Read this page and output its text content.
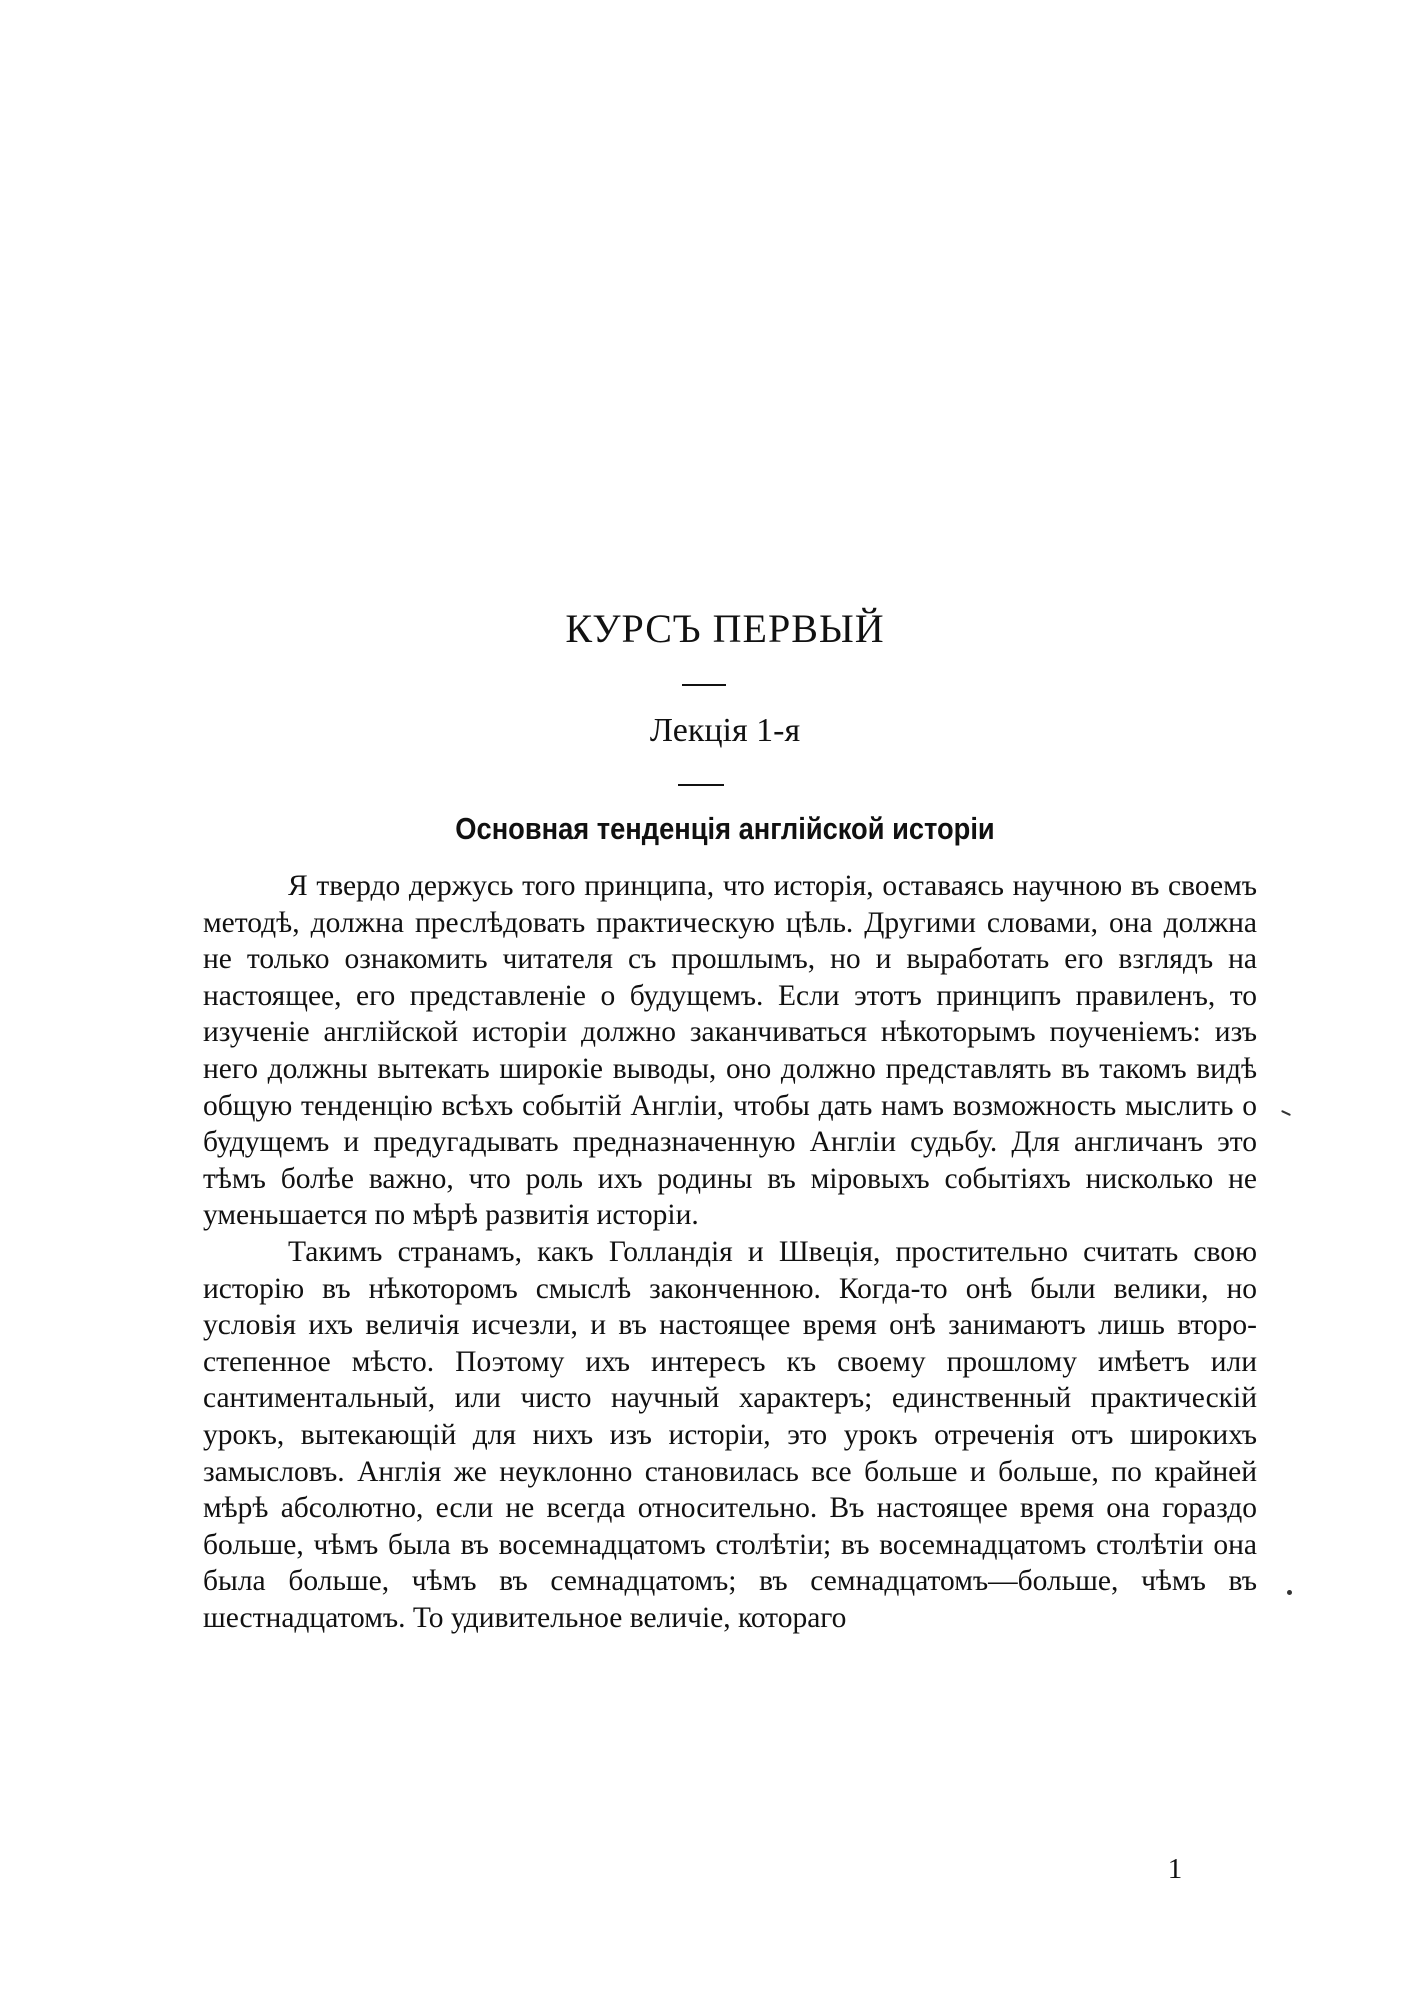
КУРСЪ ПЕРВЫЙ
Лекція 1-я
Основная тенденція англійской исторіи

Я твердо держусь того принципа, что исторія, оставаясь научною въ своемъ методѣ, должна преслѣдовать практическую цѣль. Другими словами, она должна не только ознакомить читателя съ прошлымъ, но и выработать его взглядъ на настоящее, его представленіе о будущемъ. Если этотъ принципъ правиленъ, то изученіе англійской исторіи должно заканчиваться нѣкоторымъ поученіемъ: изъ него должны вытекать широкіе выводы, оно должно представлять въ такомъ видѣ общую тенденцію всѣхъ событій Англіи, чтобы дать намъ возможность мыслить о будущемъ и предугадывать предназначенную Англіи судьбу. Для англичанъ это тѣмъ болѣе важно, что роль ихъ родины въ міровыхъ событіяхъ нисколько не уменьшается по мѣрѣ развитія исторіи.

Такимъ странамъ, какъ Голландія и Швеція, простительно считать свою исторію въ нѣкоторомъ смыслѣ законченною. Когда-то онѣ были велики, но условія ихъ величія исчезли, и въ настоящее время онѣ занимаютъ лишь второстепенное мѣсто. Поэтому ихъ интересъ къ своему прошлому имѣетъ или сантиментальный, или чисто научный характеръ; единственный практическій урокъ, вытекающій для нихъ изъ исторіи, это урокъ отреченія отъ широкихъ замысловъ. Англія же неуклонно становилась все больше и больше, по крайней мѣрѣ абсолютно, если не всегда относительно. Въ настоящее время она гораздо больше, чѣмъ была въ восемнадцатомъ столѣтіи; въ восемнадцатомъ столѣтіи она была больше, чѣмъ въ семнадцатомъ; въ семнадцатомъ—больше, чѣмъ въ шестнадцатомъ. То удивительное величіе, котораго

1
